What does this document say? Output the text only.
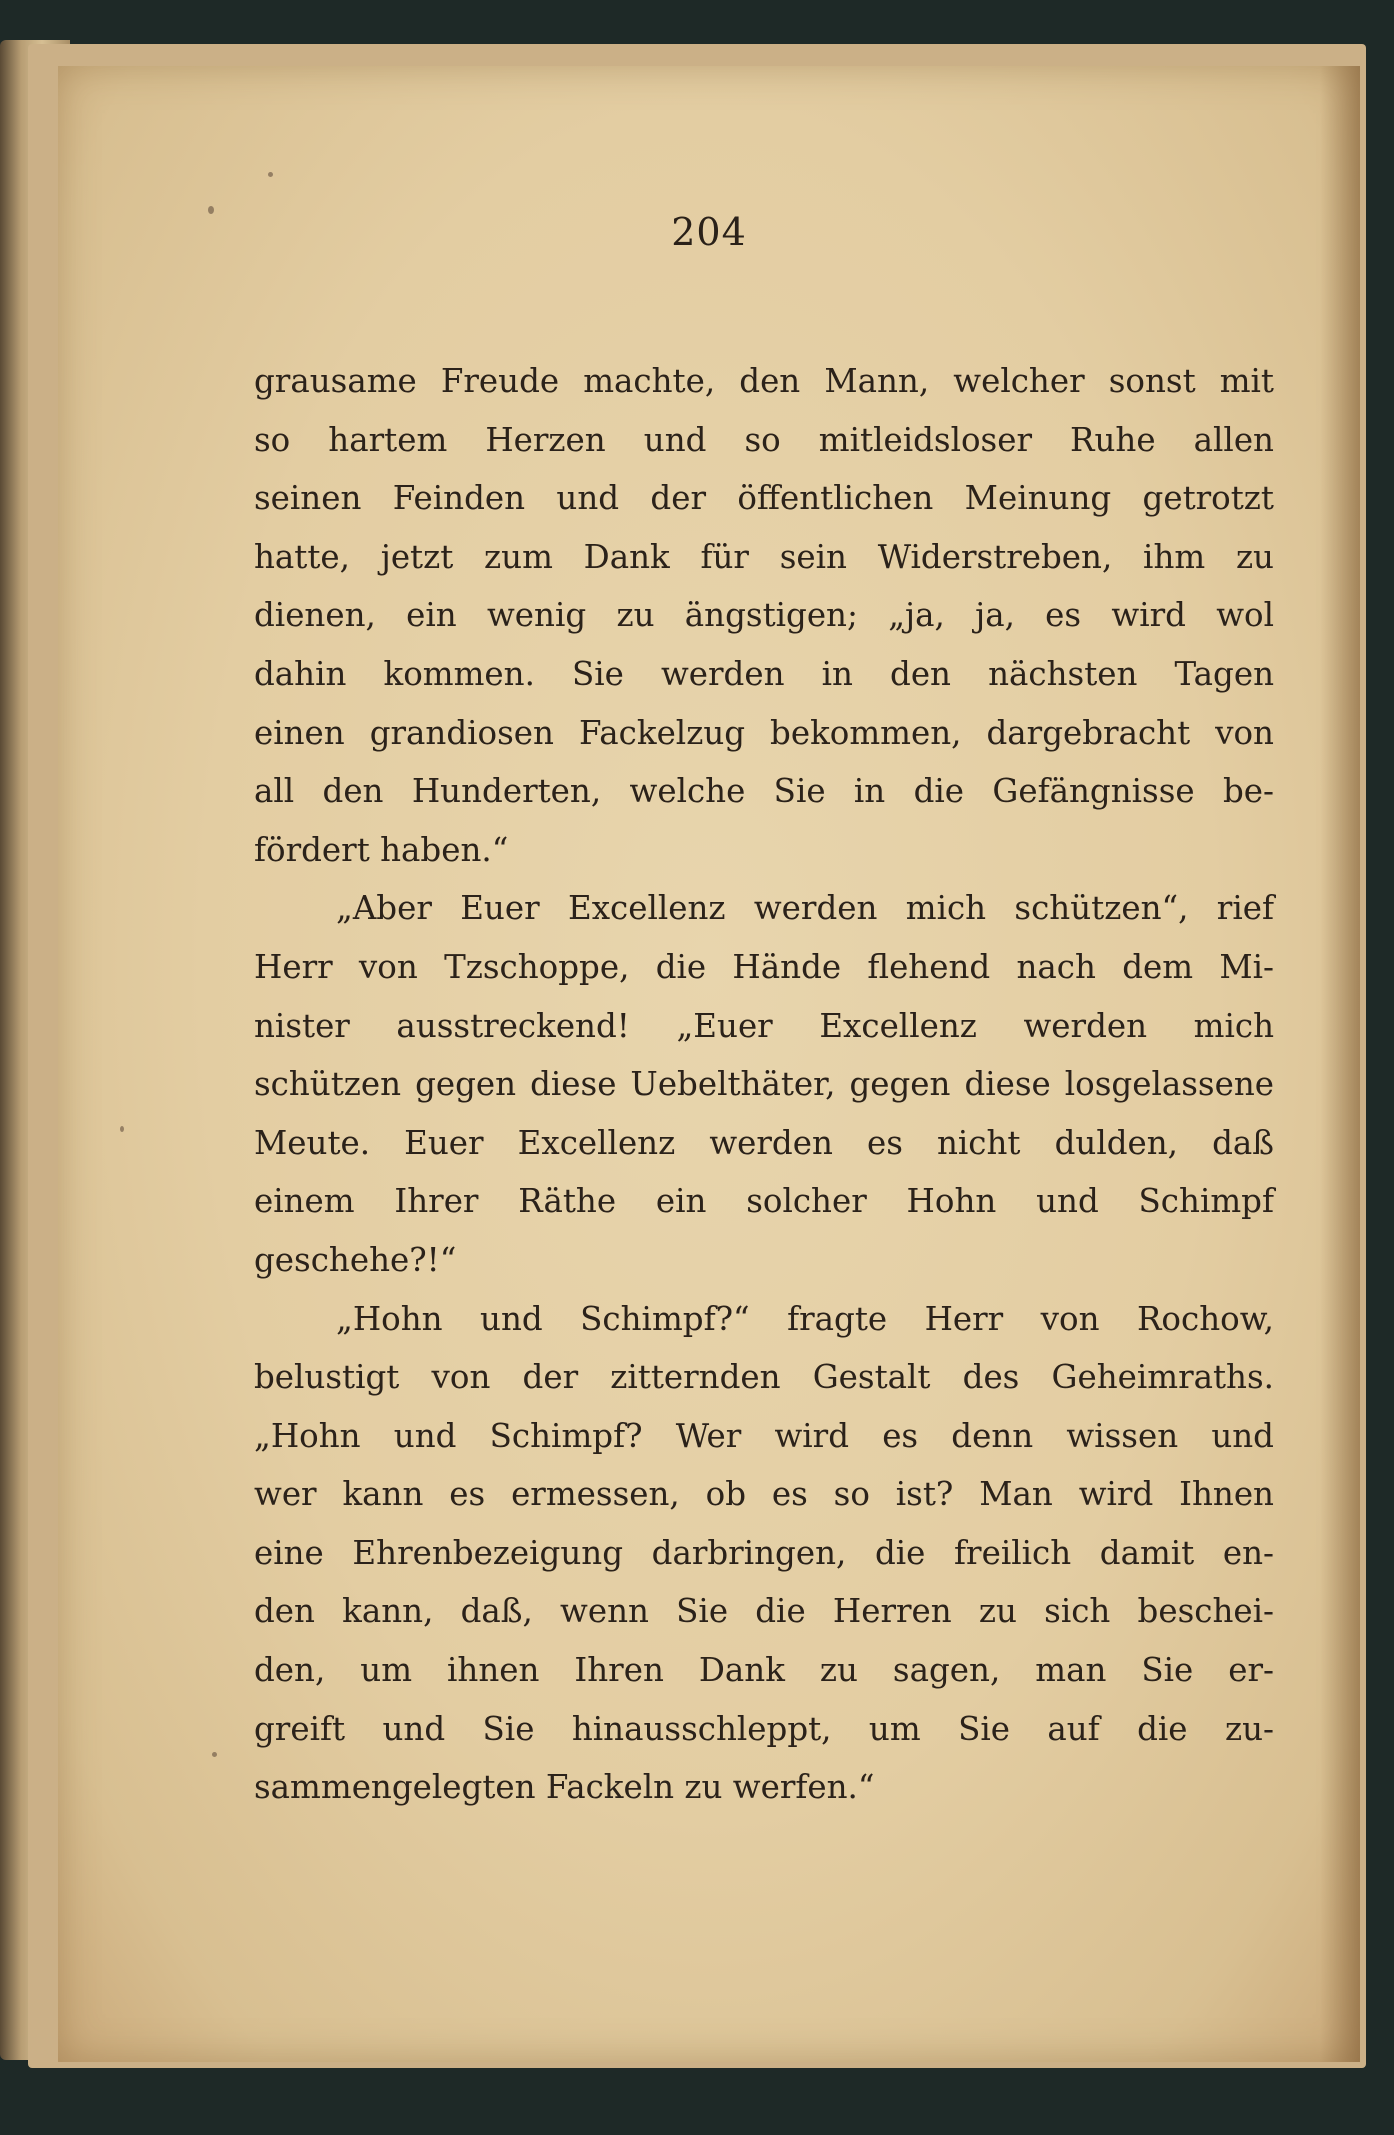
204
grausame Freude machte, den Mann, welcher sonst mit
so hartem Herzen und so mitleidsloser Ruhe allen
seinen Feinden und der öffentlichen Meinung getrotzt
hatte, jetzt zum Dank für sein Widerstreben, ihm zu
dienen, ein wenig zu ängstigen; „ja, ja, es wird wol
dahin kommen. Sie werden in den nächsten Tagen
einen grandiosen Fackelzug bekommen, dargebracht von
all den Hunderten, welche Sie in die Gefängnisse be-
fördert haben.“
„Aber Euer Excellenz werden mich schützen“, rief
Herr von Tzschoppe, die Hände flehend nach dem Mi-
nister ausstreckend! „Euer Excellenz werden mich
schützen gegen diese Uebelthäter, gegen diese losgelassene
Meute. Euer Excellenz werden es nicht dulden, daß
einem Ihrer Räthe ein solcher Hohn und Schimpf
geschehe?!“
„Hohn und Schimpf?“ fragte Herr von Rochow,
belustigt von der zitternden Gestalt des Geheimraths.
„Hohn und Schimpf? Wer wird es denn wissen und
wer kann es ermessen, ob es so ist? Man wird Ihnen
eine Ehrenbezeigung darbringen, die freilich damit en-
den kann, daß, wenn Sie die Herren zu sich beschei-
den, um ihnen Ihren Dank zu sagen, man Sie er-
greift und Sie hinausschleppt, um Sie auf die zu-
sammengelegten Fackeln zu werfen.“
